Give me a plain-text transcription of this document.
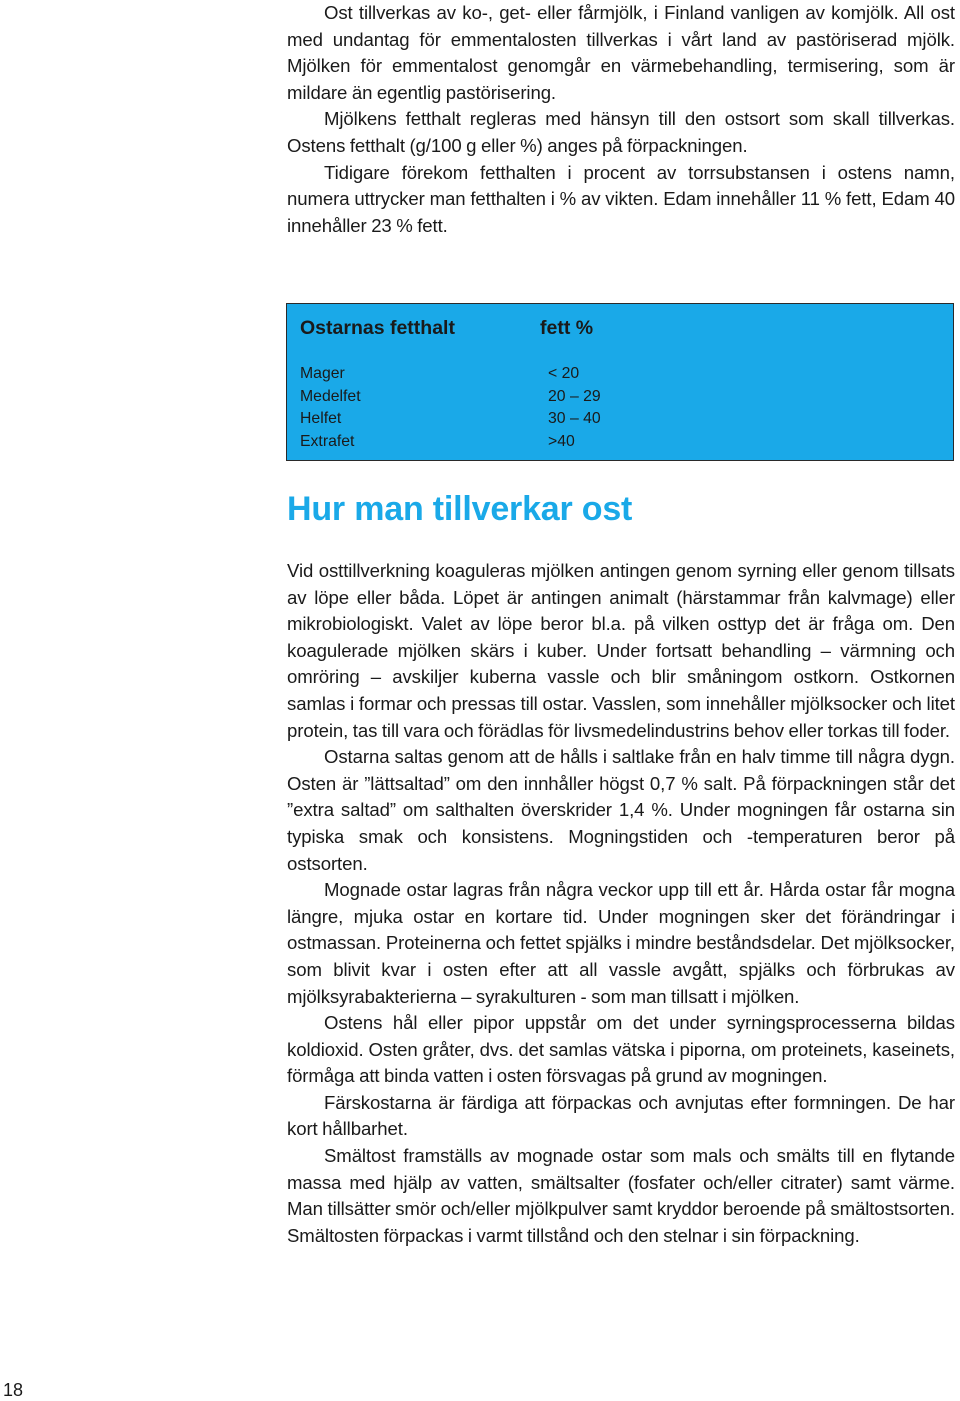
Ost tillverkas av ko-, get- eller fårmjölk, i Finland vanligen av komjölk. All ost med undantag för emmentalosten tillverkas i vårt land av pastöriserad mjölk. Mjölken för emmentalost genomgår en värmebehandling, termisering, som är mildare än egentlig pastörisering.

Mjölkens fetthalt regleras med hänsyn till den ostsort som skall tillverkas. Ostens fetthalt (g/100 g eller %) anges på förpackningen.

Tidigare förekom fetthalten i procent av torrsubstansen i ostens namn, numera uttrycker man fetthalten i % av vikten. Edam innehåller 11 % fett, Edam 40 innehåller 23 % fett.

Ostarnas fetthalt	fett %
Mager	< 20
Medelfet	20 – 29
Helfet	30 – 40
Extrafet	>40
Hur man tillverkar ost

Vid osttillverkning koaguleras mjölken antingen genom syrning eller genom tillsats av löpe eller båda. Löpet är antingen animalt (härstammar från kalvmage) eller mikrobiologiskt. Valet av löpe beror bl.a. på vilken osttyp det är fråga om. Den koagulerade mjölken skärs i kuber. Under fortsatt behandling – värmning och omröring – avskiljer kuberna vassle och blir småningom ostkorn. Ostkornen samlas i formar och pressas till ostar. Vasslen, som innehåller mjölksocker och litet protein, tas till vara och förädlas för livsmedelindustrins behov eller torkas till foder.

Ostarna saltas genom att de hålls i saltlake från en halv timme till några dygn. Osten är ”lättsaltad” om den innhåller högst 0,7 % salt. På förpackningen står det ”extra saltad” om salthalten överskrider 1,4 %. Under mogningen får ostarna sin typiska smak och konsistens. Mogningstiden och -temperaturen beror på ostsorten.

Mognade ostar lagras från några veckor upp till ett år. Hårda ostar får mogna längre, mjuka ostar en kortare tid. Under mogningen sker det förändringar i ostmassan. Proteinerna och fettet spjälks i mindre beståndsdelar. Det mjölksocker, som blivit kvar i osten efter att all vassle avgått, spjälks och förbrukas av mjölksyrabakterierna – syrakulturen - som man tillsatt i mjölken.

Ostens hål eller pipor uppstår om det under syrningsprocesserna bildas koldioxid. Osten gråter, dvs. det samlas vätska i piporna, om proteinets, kaseinets, förmåga att binda vatten i osten försvagas på grund av mogningen.

Färskostarna är färdiga att förpackas och avnjutas efter formningen. De har kort hållbarhet.

Smältost framställs av mognade ostar som mals och smälts till en flytande massa med hjälp av vatten, smältsalter (fosfater och/eller citrater) samt värme. Man tillsätter smör och/eller mjölkpulver samt kryddor beroende på smältostsorten. Smältosten förpackas i varmt tillstånd och den stelnar i sin förpackning.

18
